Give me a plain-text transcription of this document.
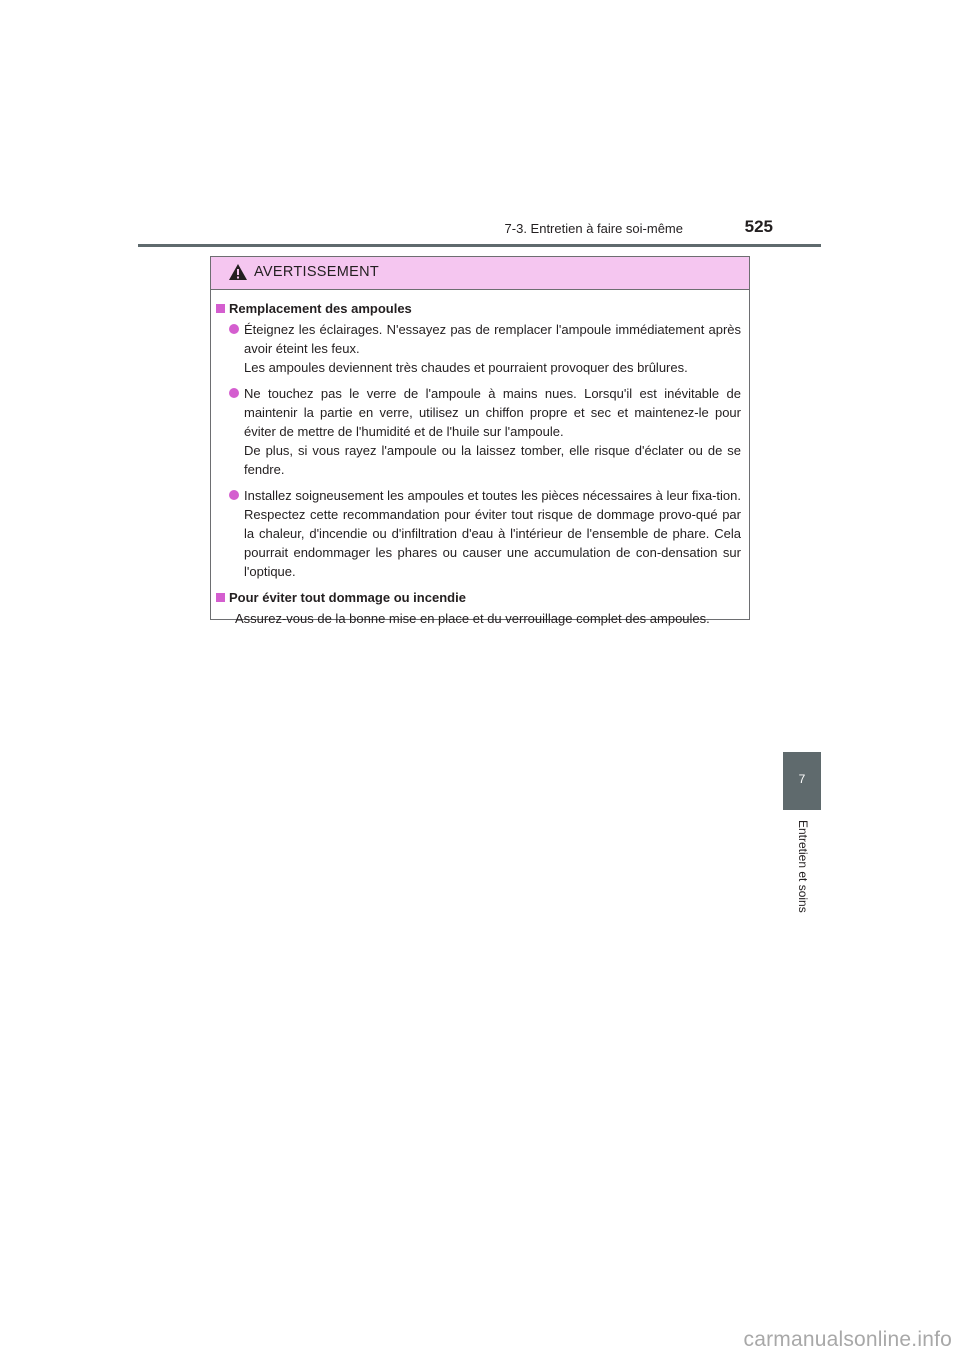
7-3. Entretien à faire soi-même	525
AVERTISSEMENT
Remplacement des ampoules

Éteignez les éclairages. N'essayez pas de remplacer l'ampoule immédiatement après avoir éteint les feux.

Les ampoules deviennent très chaudes et pourraient provoquer des brûlures.

Ne touchez pas le verre de l'ampoule à mains nues. Lorsqu'il est inévitable de maintenir la partie en verre, utilisez un chiffon propre et sec et maintenez-le pour éviter de mettre de l'humidité et de l'huile sur l'ampoule.

De plus, si vous rayez l'ampoule ou la laissez tomber, elle risque d'éclater ou de se fendre.

Installez soigneusement les ampoules et toutes les pièces nécessaires à leur fixa-tion. Respectez cette recommandation pour éviter tout risque de dommage provo-qué par la chaleur, d'incendie ou d'infiltration d'eau à l'intérieur de l'ensemble de phare. Cela pourrait endommager les phares ou causer une accumulation de con-densation sur l'optique.

Pour éviter tout dommage ou incendie
Assurez-vous de la bonne mise en place et du verrouillage complet des ampoules.
7
Entretien et soins
carmanualsonline.info
